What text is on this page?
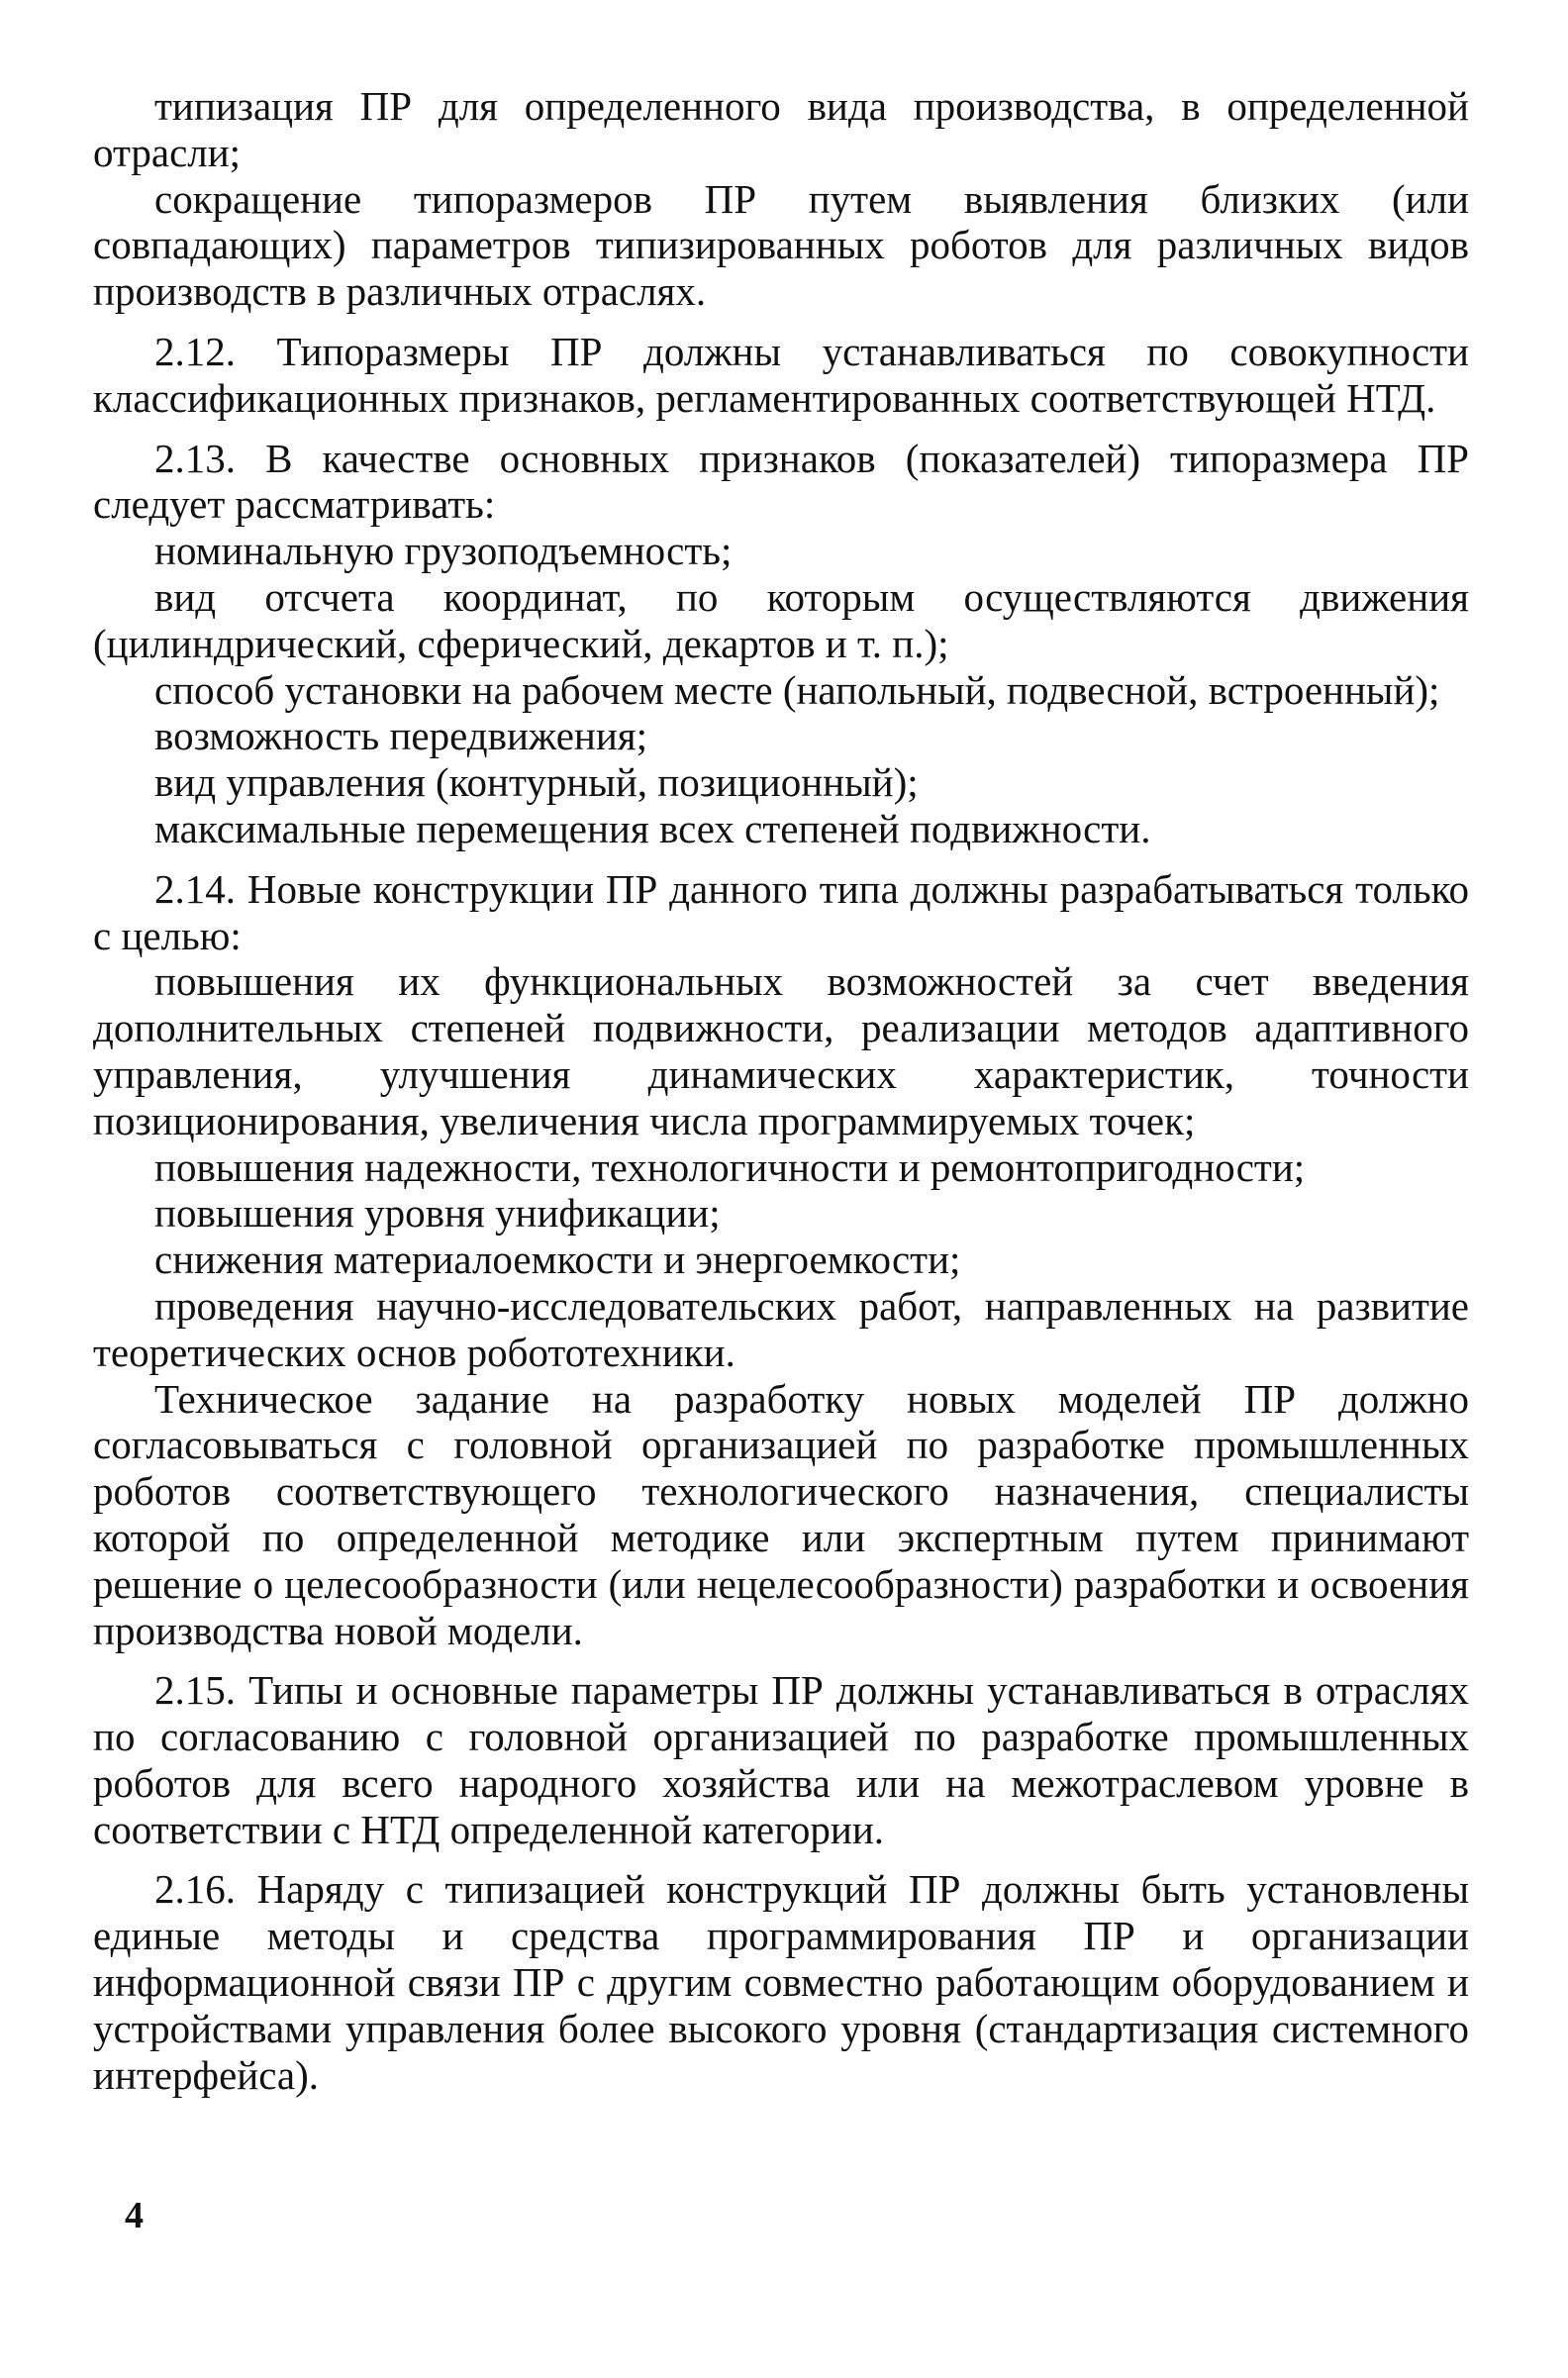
типизация ПР для определенного вида производства, в определенной отрасли;

сокращение типоразмеров ПР путем выявления близких (или совпадающих) параметров типизированных роботов для различных видов производств в различных отраслях.

2.12. Типоразмеры ПР должны устанавливаться по совокупности классификационных признаков, регламентированных соответствующей НТД.

2.13. В качестве основных признаков (показателей) типоразмера ПР следует рассматривать:

номинальную грузоподъемность;

вид отсчета координат, по которым осуществляются движения (цилиндрический, сферический, декартов и т. п.);

способ установки на рабочем месте (напольный, подвесной, встроенный);

возможность передвижения;

вид управления (контурный, позиционный);

максимальные перемещения всех степеней подвижности.

2.14. Новые конструкции ПР данного типа должны разрабатываться только с целью:

повышения их функциональных возможностей за счет введения дополнительных степеней подвижности, реализации методов адаптивного управления, улучшения динамических характеристик, точности позиционирования, увеличения числа программируемых точек;

повышения надежности, технологичности и ремонтопригодности;

повышения уровня унификации;

снижения материалоемкости и энергоемкости;

проведения научно-исследовательских работ, направленных на развитие теоретических основ робототехники.

Техническое задание на разработку новых моделей ПР должно согласовываться с головной организацией по разработке промышленных роботов соответствующего технологического назначения, специалисты которой по определенной методике или экспертным путем принимают решение о целесообразности (или нецелесообразности) разработки и освоения производства новой модели.

2.15. Типы и основные параметры ПР должны устанавливаться в отраслях по согласованию с головной организацией по разработке промышленных роботов для всего народного хозяйства или на межотраслевом уровне в соответствии с НТД определенной категории.

2.16. Наряду с типизацией конструкций ПР должны быть установлены единые методы и средства программирования ПР и организации информационной связи ПР с другим совместно работающим оборудованием и устройствами управления более высокого уровня (стандартизация системного интерфейса).

4
